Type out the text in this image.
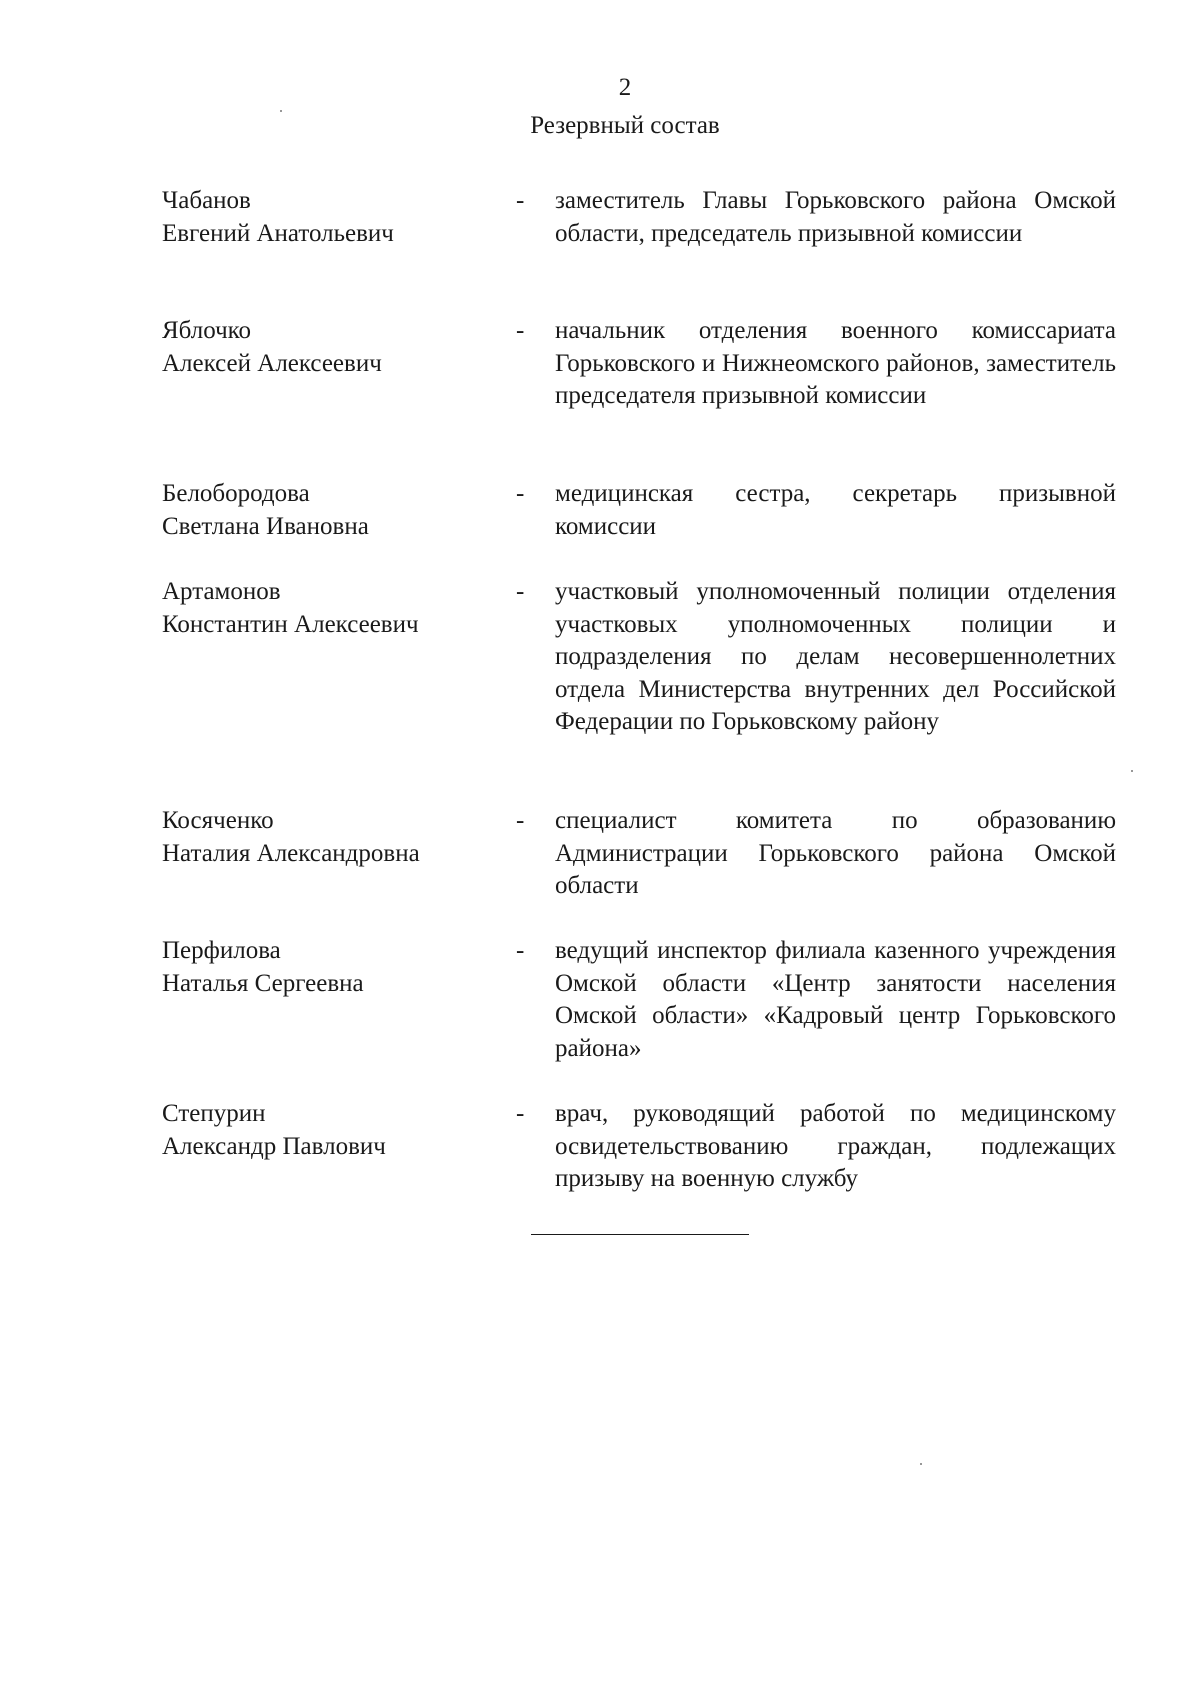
2
Резервный состав
Чабанов
Евгений Анатольевич
- заместитель Главы Горьковского района Омской области, председатель призывной комиссии
Яблочко
Алексей Алексеевич
- начальник отделения военного комиссариата Горьковского и Нижнеомского районов, заместитель председателя призывной комиссии
Белобородова
Светлана Ивановна
- медицинская сестра, секретарь призывной комиссии
Артамонов
Константин Алексеевич
- участковый уполномоченный полиции отделения участковых уполномоченных полиции и подразделения по делам несовершеннолетних отдела Министерства внутренних дел Российской Федерации по Горьковскому району
Косяченко
Наталия Александровна
- специалист комитета по образованию Администрации Горьковского района Омской области
Перфилова
Наталья Сергеевна
- ведущий инспектор филиала казенного учреждения Омской области «Центр занятости населения Омской области» «Кадровый центр Горьковского района»
Степурин
Александр Павлович
- врач, руководящий работой по медицинскому освидетельствованию граждан, подлежащих призыву на военную службу
